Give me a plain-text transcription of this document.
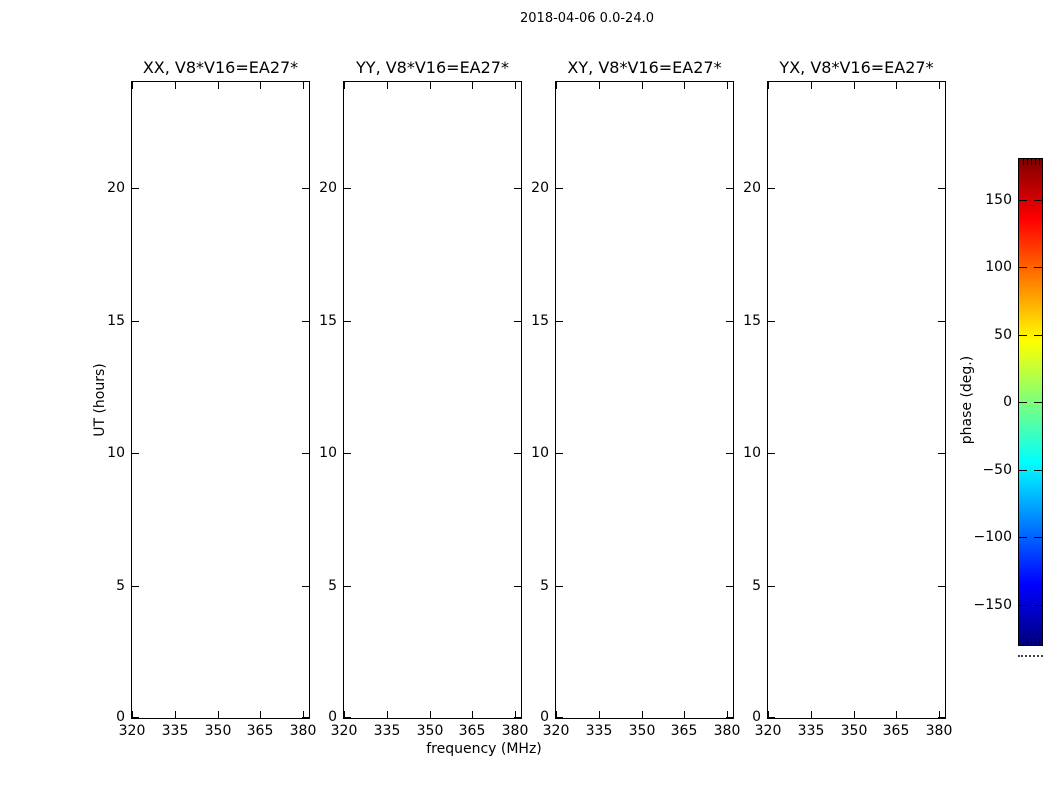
2018-04-06 0.0-24.0
frequency (MHz)
UT (hours)	phase (deg.)
XX, V8*V16=EA27*
320	335	350	365	380
0
5
10
15
20
YY, V8*V16=EA27*
320	335	350	365	380
0
5
10
15
20
XY, V8*V16=EA27*
320	335	350	365	380
0
5
10
15
20
YX, V8*V16=EA27*
320	335	350	365	380
0
5
10
15
20
150
100
50
0
−50
−100
−150
